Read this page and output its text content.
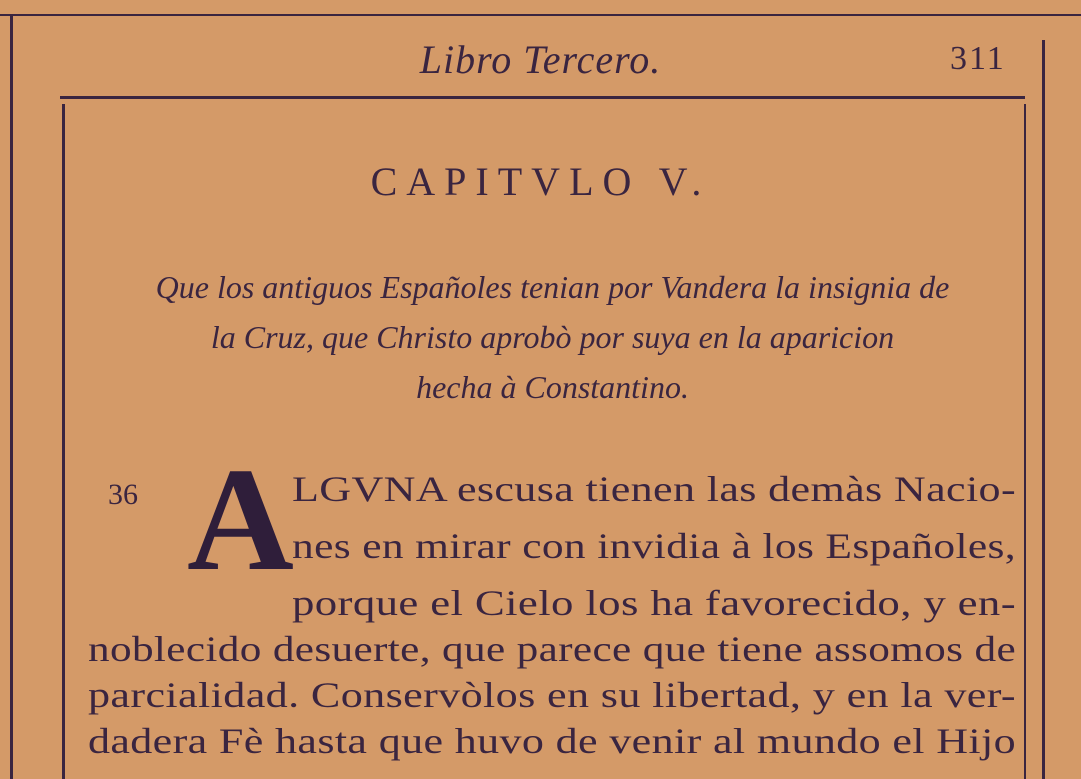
Libro Tercero.	311
CAPITVLO V.
Que los antiguos Españoles tenian por Vandera la insignia de
la Cruz, que Christo aprobò por suya en la aparicion
hecha à Constantino.
36 A
LGVNA escusa tienen las demàs Nacio-
nes en mirar con invidia à los Españoles,
porque el Cielo los ha favorecido, y en-
noblecido desuerte, que parece que tiene assomos de
parcialidad. Conservòlos en su libertad, y en la ver-
dadera Fè hasta que huvo de venir al mundo el Hijo
